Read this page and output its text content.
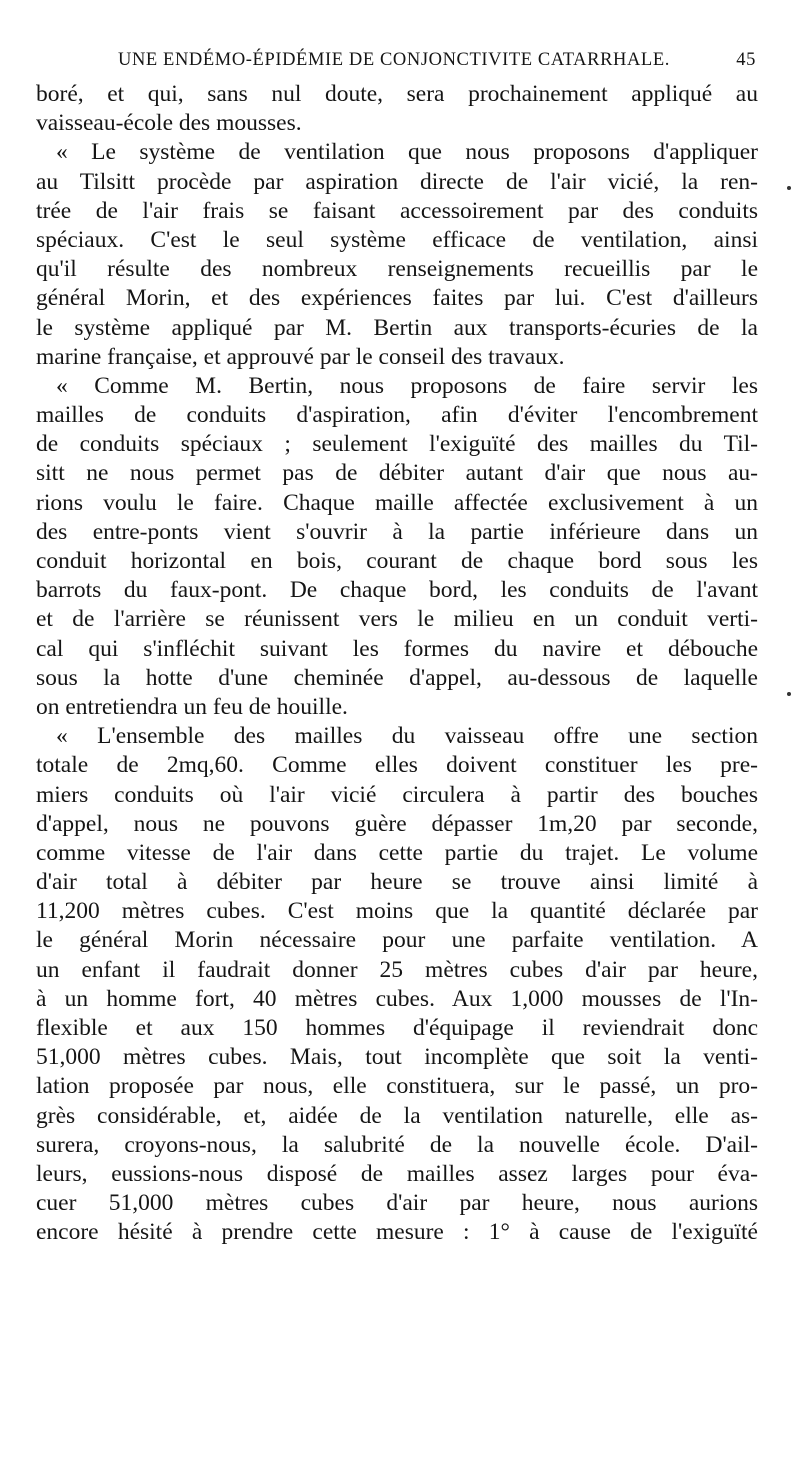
UNE ENDÉMO-ÉPIDÉMIE DE CONJONCTIVITE CATARRHALE.	45
boré, et qui, sans nul doute, sera prochainement appliqué au
vaisseau-école des mousses.
« Le système de ventilation que nous proposons d'appliquer
au Tilsitt procède par aspiration directe de l'air vicié, la ren-
trée de l'air frais se faisant accessoirement par des conduits
spéciaux. C'est le seul système efficace de ventilation, ainsi
qu'il résulte des nombreux renseignements recueillis par le
général Morin, et des expériences faites par lui. C'est d'ailleurs
le système appliqué par M. Bertin aux transports-écuries de la
marine française, et approuvé par le conseil des travaux.
« Comme M. Bertin, nous proposons de faire servir les
mailles de conduits d'aspiration, afin d'éviter l'encombrement
de conduits spéciaux ; seulement l'exiguïté des mailles du Til-
sitt ne nous permet pas de débiter autant d'air que nous au-
rions voulu le faire. Chaque maille affectée exclusivement à un
des entre-ponts vient s'ouvrir à la partie inférieure dans un
conduit horizontal en bois, courant de chaque bord sous les
barrots du faux-pont. De chaque bord, les conduits de l'avant
et de l'arrière se réunissent vers le milieu en un conduit verti-
cal qui s'infléchit suivant les formes du navire et débouche
sous la hotte d'une cheminée d'appel, au-dessous de laquelle
on entretiendra un feu de houille.
« L'ensemble des mailles du vaisseau offre une section
totale de 2mq,60. Comme elles doivent constituer les pre-
miers conduits où l'air vicié circulera à partir des bouches
d'appel, nous ne pouvons guère dépasser 1m,20 par seconde,
comme vitesse de l'air dans cette partie du trajet. Le volume
d'air total à débiter par heure se trouve ainsi limité à
11,200 mètres cubes. C'est moins que la quantité déclarée par
le général Morin nécessaire pour une parfaite ventilation. A
un enfant il faudrait donner 25 mètres cubes d'air par heure,
à un homme fort, 40 mètres cubes. Aux 1,000 mousses de l'In-
flexible et aux 150 hommes d'équipage il reviendrait donc
51,000 mètres cubes. Mais, tout incomplète que soit la venti-
lation proposée par nous, elle constituera, sur le passé, un pro-
grès considérable, et, aidée de la ventilation naturelle, elle as-
surera, croyons-nous, la salubrité de la nouvelle école. D'ail-
leurs, eussions-nous disposé de mailles assez larges pour éva-
cuer 51,000 mètres cubes d'air par heure, nous aurions
encore hésité à prendre cette mesure : 1° à cause de l'exiguïté
